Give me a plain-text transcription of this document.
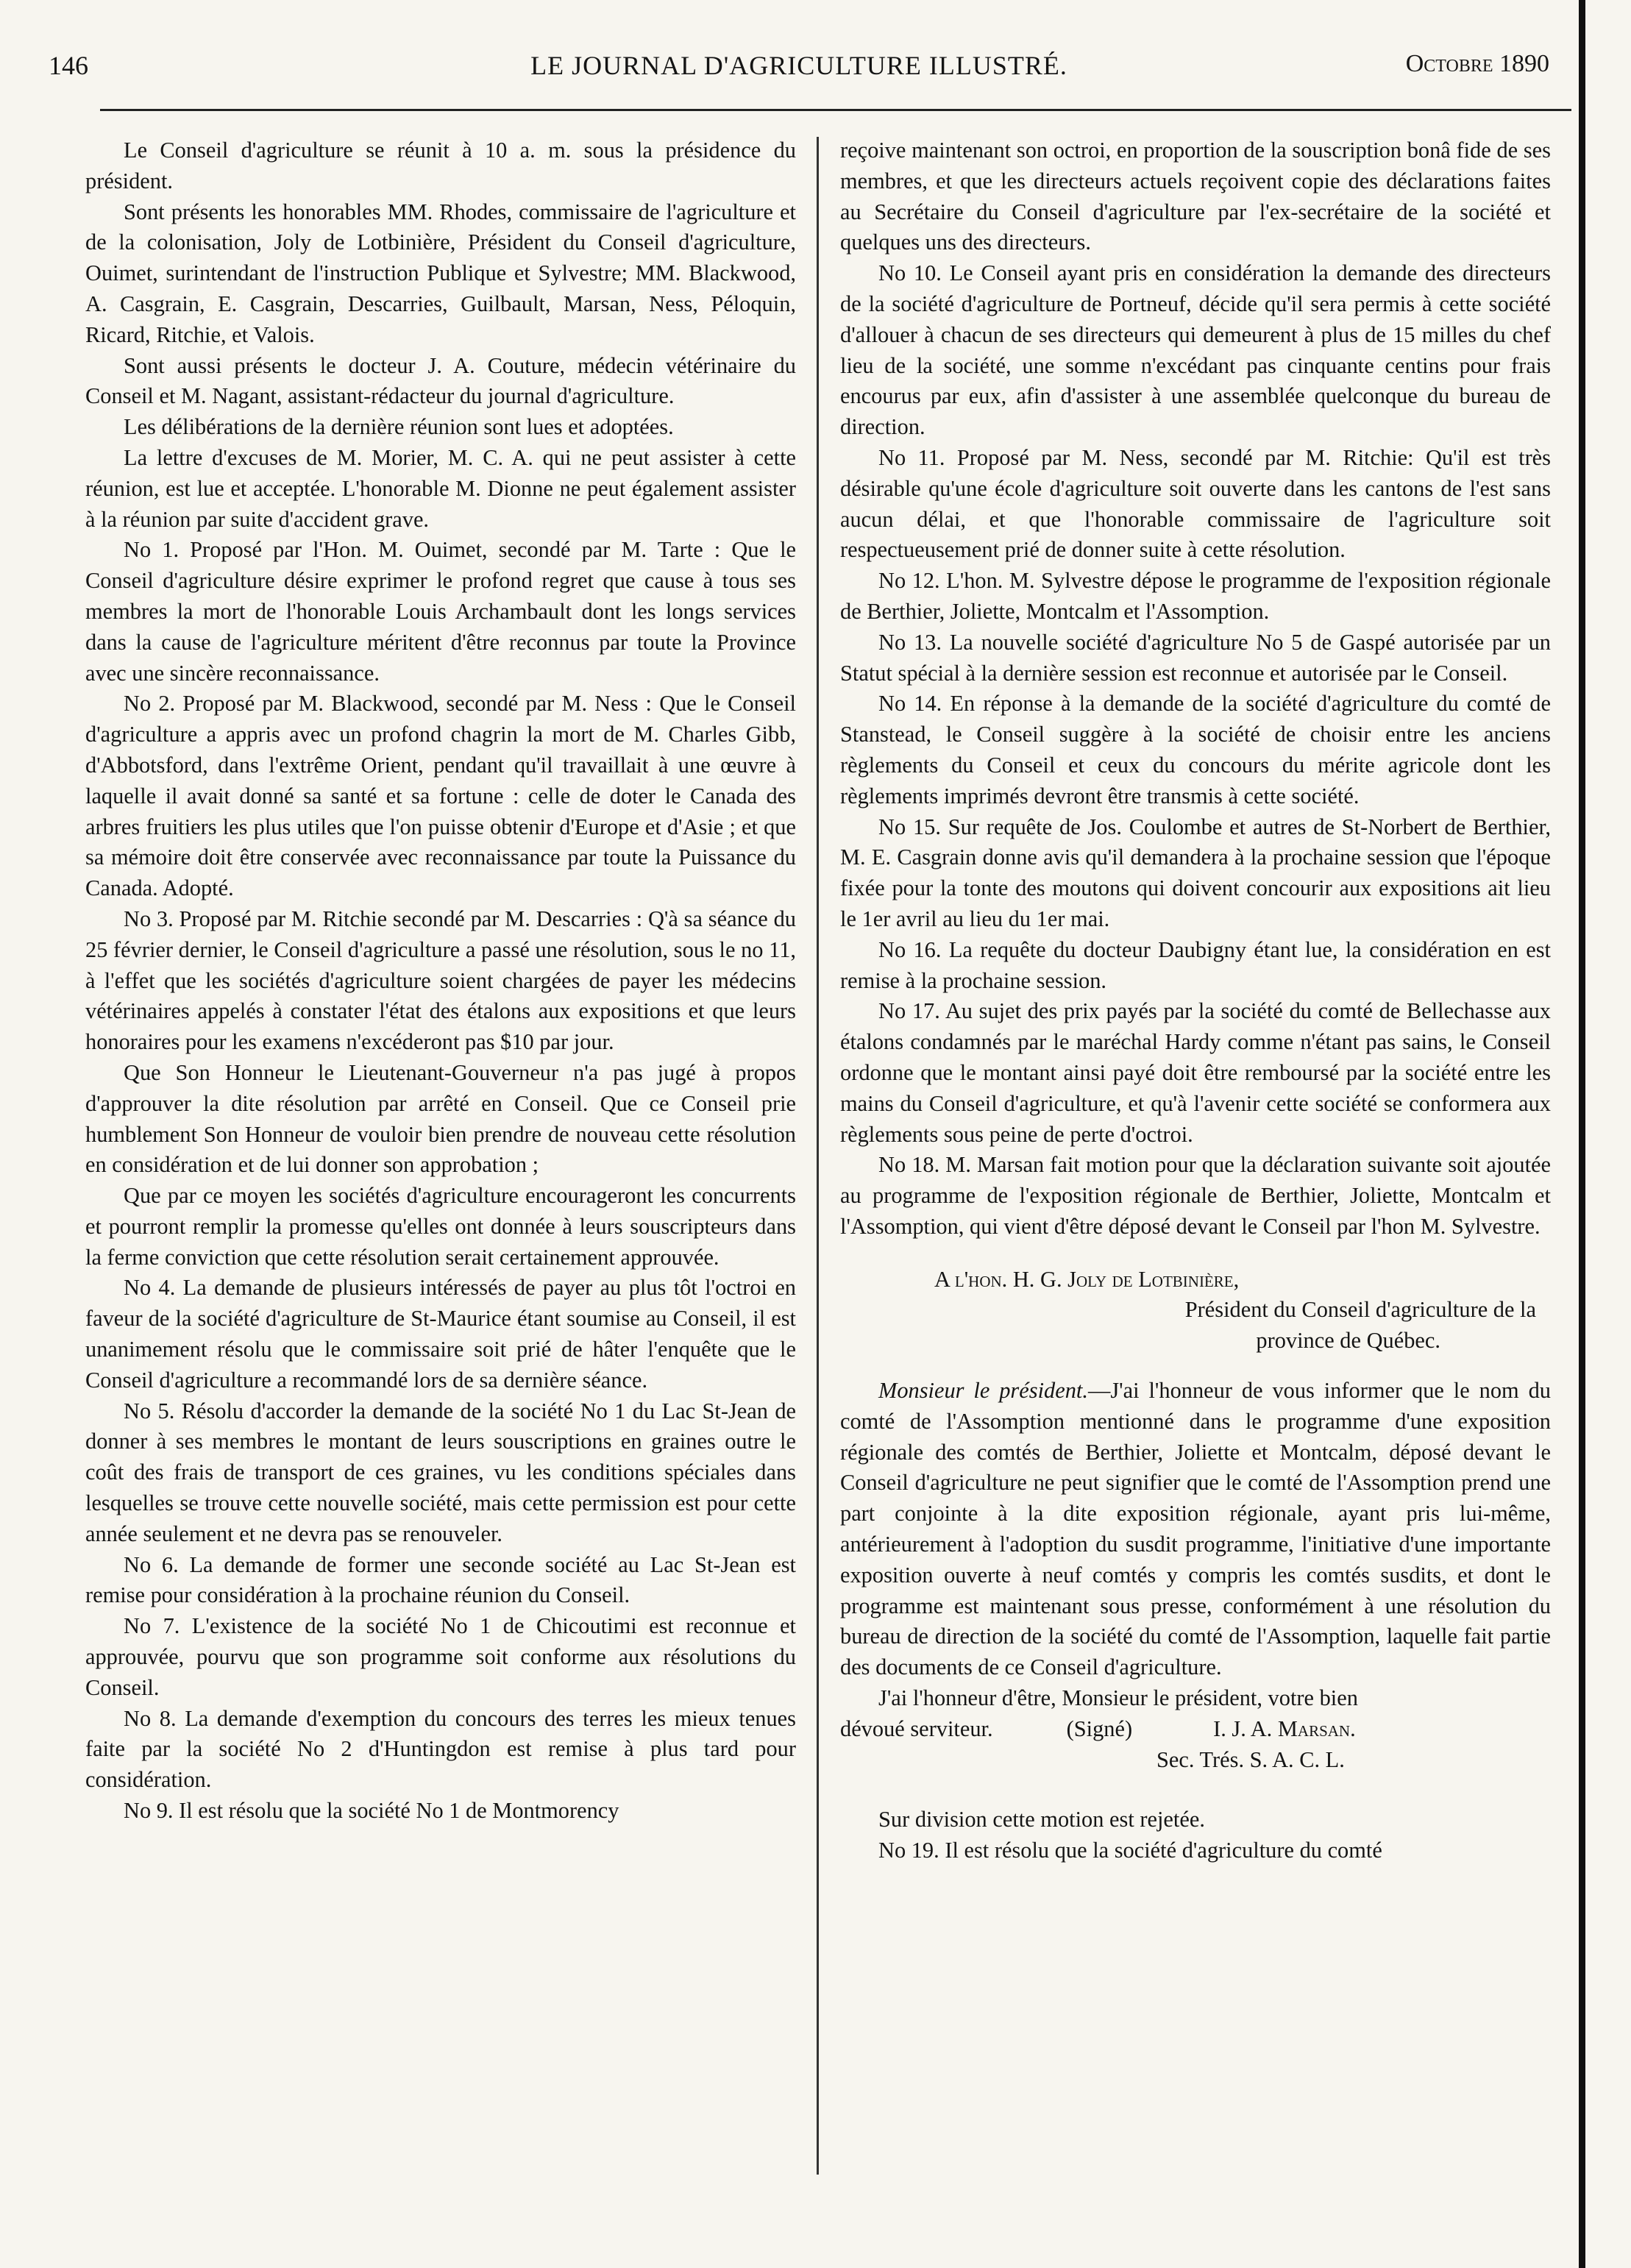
146	LE JOURNAL D'AGRICULTURE ILLUSTRÉ.	Octobre 1890

Le Conseil d'agriculture se réunit à 10 a. m. sous la présidence du président.

Sont présents les honorables MM. Rhodes, commissaire de l'agriculture et de la colonisation, Joly de Lotbinière, Président du Conseil d'agriculture, Ouimet, surintendant de l'instruction Publique et Sylvestre; MM. Blackwood, A. Casgrain, E. Casgrain, Descarries, Guilbault, Marsan, Ness, Péloquin, Ricard, Ritchie, et Valois.

Sont aussi présents le docteur J. A. Couture, médecin vétérinaire du Conseil et M. Nagant, assistant-rédacteur du journal d'agriculture.

Les délibérations de la dernière réunion sont lues et adoptées.

La lettre d'excuses de M. Morier, M. C. A. qui ne peut assister à cette réunion, est lue et acceptée. L'honorable M. Dionne ne peut également assister à la réunion par suite d'accident grave.

No 1. Proposé par l'Hon. M. Ouimet, secondé par M. Tarte : Que le Conseil d'agriculture désire exprimer le profond regret que cause à tous ses membres la mort de l'honorable Louis Archambault dont les longs services dans la cause de l'agriculture méritent d'être reconnus par toute la Province avec une sincère reconnaissance.

No 2. Proposé par M. Blackwood, secondé par M. Ness : Que le Conseil d'agriculture a appris avec un profond chagrin la mort de M. Charles Gibb, d'Abbotsford, dans l'extrême Orient, pendant qu'il travaillait à une œuvre à laquelle il avait donné sa santé et sa fortune : celle de doter le Canada des arbres fruitiers les plus utiles que l'on puisse obtenir d'Europe et d'Asie ; et que sa mémoire doit être conservée avec reconnaissance par toute la Puissance du Canada. Adopté.

No 3. Proposé par M. Ritchie secondé par M. Descarries : Q'à sa séance du 25 février dernier, le Conseil d'agriculture a passé une résolution, sous le no 11, à l'effet que les sociétés d'agriculture soient chargées de payer les médecins vétérinaires appelés à constater l'état des étalons aux expositions et que leurs honoraires pour les examens n'excéderont pas $10 par jour.

Que Son Honneur le Lieutenant-Gouverneur n'a pas jugé à propos d'approuver la dite résolution par arrêté en Conseil. Que ce Conseil prie humblement Son Honneur de vouloir bien prendre de nouveau cette résolution en considération et de lui donner son approbation ;

Que par ce moyen les sociétés d'agriculture encourageront les concurrents et pourront remplir la promesse qu'elles ont donnée à leurs souscripteurs dans la ferme conviction que cette résolution serait certainement approuvée.

No 4. La demande de plusieurs intéressés de payer au plus tôt l'octroi en faveur de la société d'agriculture de St-Maurice étant soumise au Conseil, il est unanimement résolu que le commissaire soit prié de hâter l'enquête que le Conseil d'agriculture a recommandé lors de sa dernière séance.

No 5. Résolu d'accorder la demande de la société No 1 du Lac St-Jean de donner à ses membres le montant de leurs souscriptions en graines outre le coût des frais de transport de ces graines, vu les conditions spéciales dans lesquelles se trouve cette nouvelle société, mais cette permission est pour cette année seulement et ne devra pas se renouveler.

No 6. La demande de former une seconde société au Lac St-Jean est remise pour considération à la prochaine réunion du Conseil.

No 7. L'existence de la société No 1 de Chicoutimi est reconnue et approuvée, pourvu que son programme soit conforme aux résolutions du Conseil.

No 8. La demande d'exemption du concours des terres les mieux tenues faite par la société No 2 d'Huntingdon est remise à plus tard pour considération.

No 9. Il est résolu que la société No 1 de Montmorency

reçoive maintenant son octroi, en proportion de la souscription bonâ fide de ses membres, et que les directeurs actuels reçoivent copie des déclarations faites au Secrétaire du Conseil d'agriculture par l'ex-secrétaire de la société et quelques uns des directeurs.

No 10. Le Conseil ayant pris en considération la demande des directeurs de la société d'agriculture de Portneuf, décide qu'il sera permis à cette société d'allouer à chacun de ses directeurs qui demeurent à plus de 15 milles du chef lieu de la société, une somme n'excédant pas cinquante centins pour frais encourus par eux, afin d'assister à une assemblée quelconque du bureau de direction.

No 11. Proposé par M. Ness, secondé par M. Ritchie: Qu'il est très désirable qu'une école d'agriculture soit ouverte dans les cantons de l'est sans aucun délai, et que l'honorable commissaire de l'agriculture soit respectueusement prié de donner suite à cette résolution.

No 12. L'hon. M. Sylvestre dépose le programme de l'exposition régionale de Berthier, Joliette, Montcalm et l'Assomption.

No 13. La nouvelle société d'agriculture No 5 de Gaspé autorisée par un Statut spécial à la dernière session est reconnue et autorisée par le Conseil.

No 14. En réponse à la demande de la société d'agriculture du comté de Stanstead, le Conseil suggère à la société de choisir entre les anciens règlements du Conseil et ceux du concours du mérite agricole dont les règlements imprimés devront être transmis à cette société.

No 15. Sur requête de Jos. Coulombe et autres de St-Norbert de Berthier, M. E. Casgrain donne avis qu'il demandera à la prochaine session que l'époque fixée pour la tonte des moutons qui doivent concourir aux expositions ait lieu le 1er avril au lieu du 1er mai.

No 16. La requête du docteur Daubigny étant lue, la considération en est remise à la prochaine session.

No 17. Au sujet des prix payés par la société du comté de Bellechasse aux étalons condamnés par le maréchal Hardy comme n'étant pas sains, le Conseil ordonne que le montant ainsi payé doit être remboursé par la société entre les mains du Conseil d'agriculture, et qu'à l'avenir cette société se conformera aux règlements sous peine de perte d'octroi.

No 18. M. Marsan fait motion pour que la déclaration suivante soit ajoutée au programme de l'exposition régionale de Berthier, Joliette, Montcalm et l'Assomption, qui vient d'être déposé devant le Conseil par l'hon M. Sylvestre.

A l'hon. H. G. Joly de Lotbinière,

Président du Conseil d'agriculture de la

province de Québec.

Monsieur le président.—J'ai l'honneur de vous informer que le nom du comté de l'Assomption mentionné dans le programme d'une exposition régionale des comtés de Berthier, Joliette et Montcalm, déposé devant le Conseil d'agriculture ne peut signifier que le comté de l'Assomption prend une part conjointe à la dite exposition régionale, ayant pris lui-même, antérieurement à l'adoption du susdit programme, l'initiative d'une importante exposition ouverte à neuf comtés y compris les comtés susdits, et dont le programme est maintenant sous presse, conformément à une résolution du bureau de direction de la société du comté de l'Assomption, laquelle fait partie des documents de ce Conseil d'agriculture.

J'ai l'honneur d'être, Monsieur le président, votre bien

dévoué serviteur.	(Signé)	I. J. A. Marsan.
Sec. Trés. S. A. C. L.

Sur division cette motion est rejetée.

No 19. Il est résolu que la société d'agriculture du comté
